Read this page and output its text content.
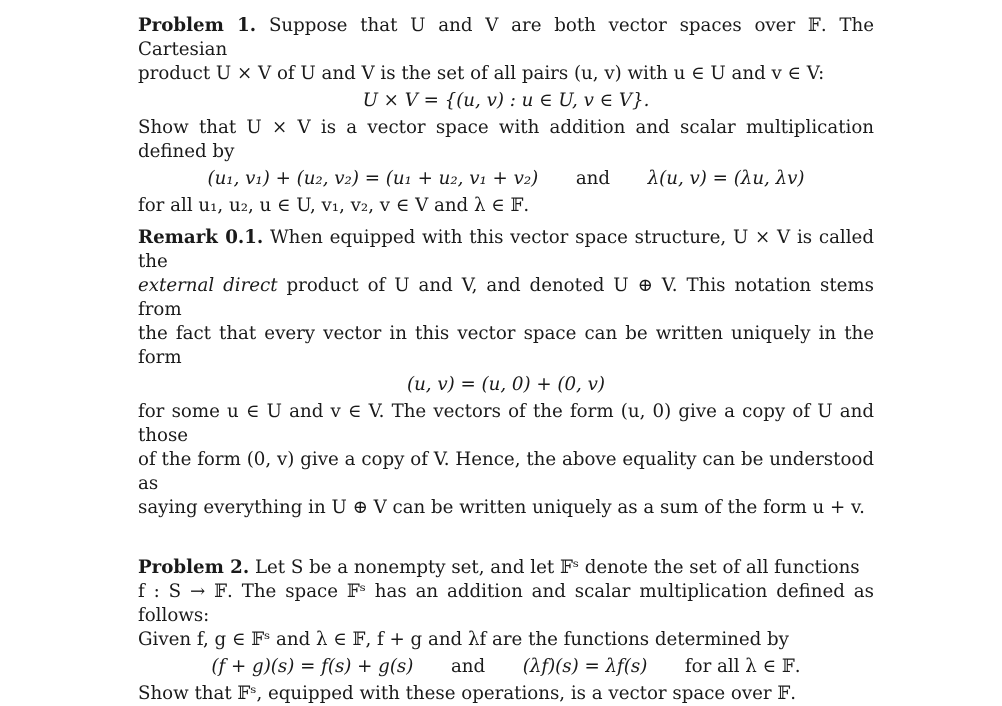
Problem 1. Suppose that U and V are both vector spaces over 𝔽. The Cartesian
product U × V of U and V is the set of all pairs (u, v) with u ∈ U and v ∈ V:

U × V = {(u, v) : u ∈ U, v ∈ V}.

Show that U × V is a vector space with addition and scalar multiplication defined by

(u₁, v₁) + (u₂, v₂) = (u₁ + u₂, v₁ + v₂) and λ(u, v) = (λu, λv)

for all u₁, u₂, u ∈ U, v₁, v₂, v ∈ V and λ ∈ 𝔽.

Remark 0.1. When equipped with this vector space structure, U × V is called the
external direct product of U and V, and denoted U ⊕ V. This notation stems from
the fact that every vector in this vector space can be written uniquely in the form

(u, v) = (u, 0) + (0, v)

for some u ∈ U and v ∈ V. The vectors of the form (u, 0) give a copy of U and those
of the form (0, v) give a copy of V. Hence, the above equality can be understood as
saying everything in U ⊕ V can be written uniquely as a sum of the form u + v.

Problem 2. Let S be a nonempty set, and let 𝔽ˢ denote the set of all functions
f : S → 𝔽. The space 𝔽ˢ has an addition and scalar multiplication defined as follows:
Given f, g ∈ 𝔽ˢ and λ ∈ 𝔽, f + g and λf are the functions determined by

(f + g)(s) = f(s) + g(s) and (λf)(s) = λf(s) for all λ ∈ 𝔽.

Show that 𝔽ˢ, equipped with these operations, is a vector space over 𝔽.
